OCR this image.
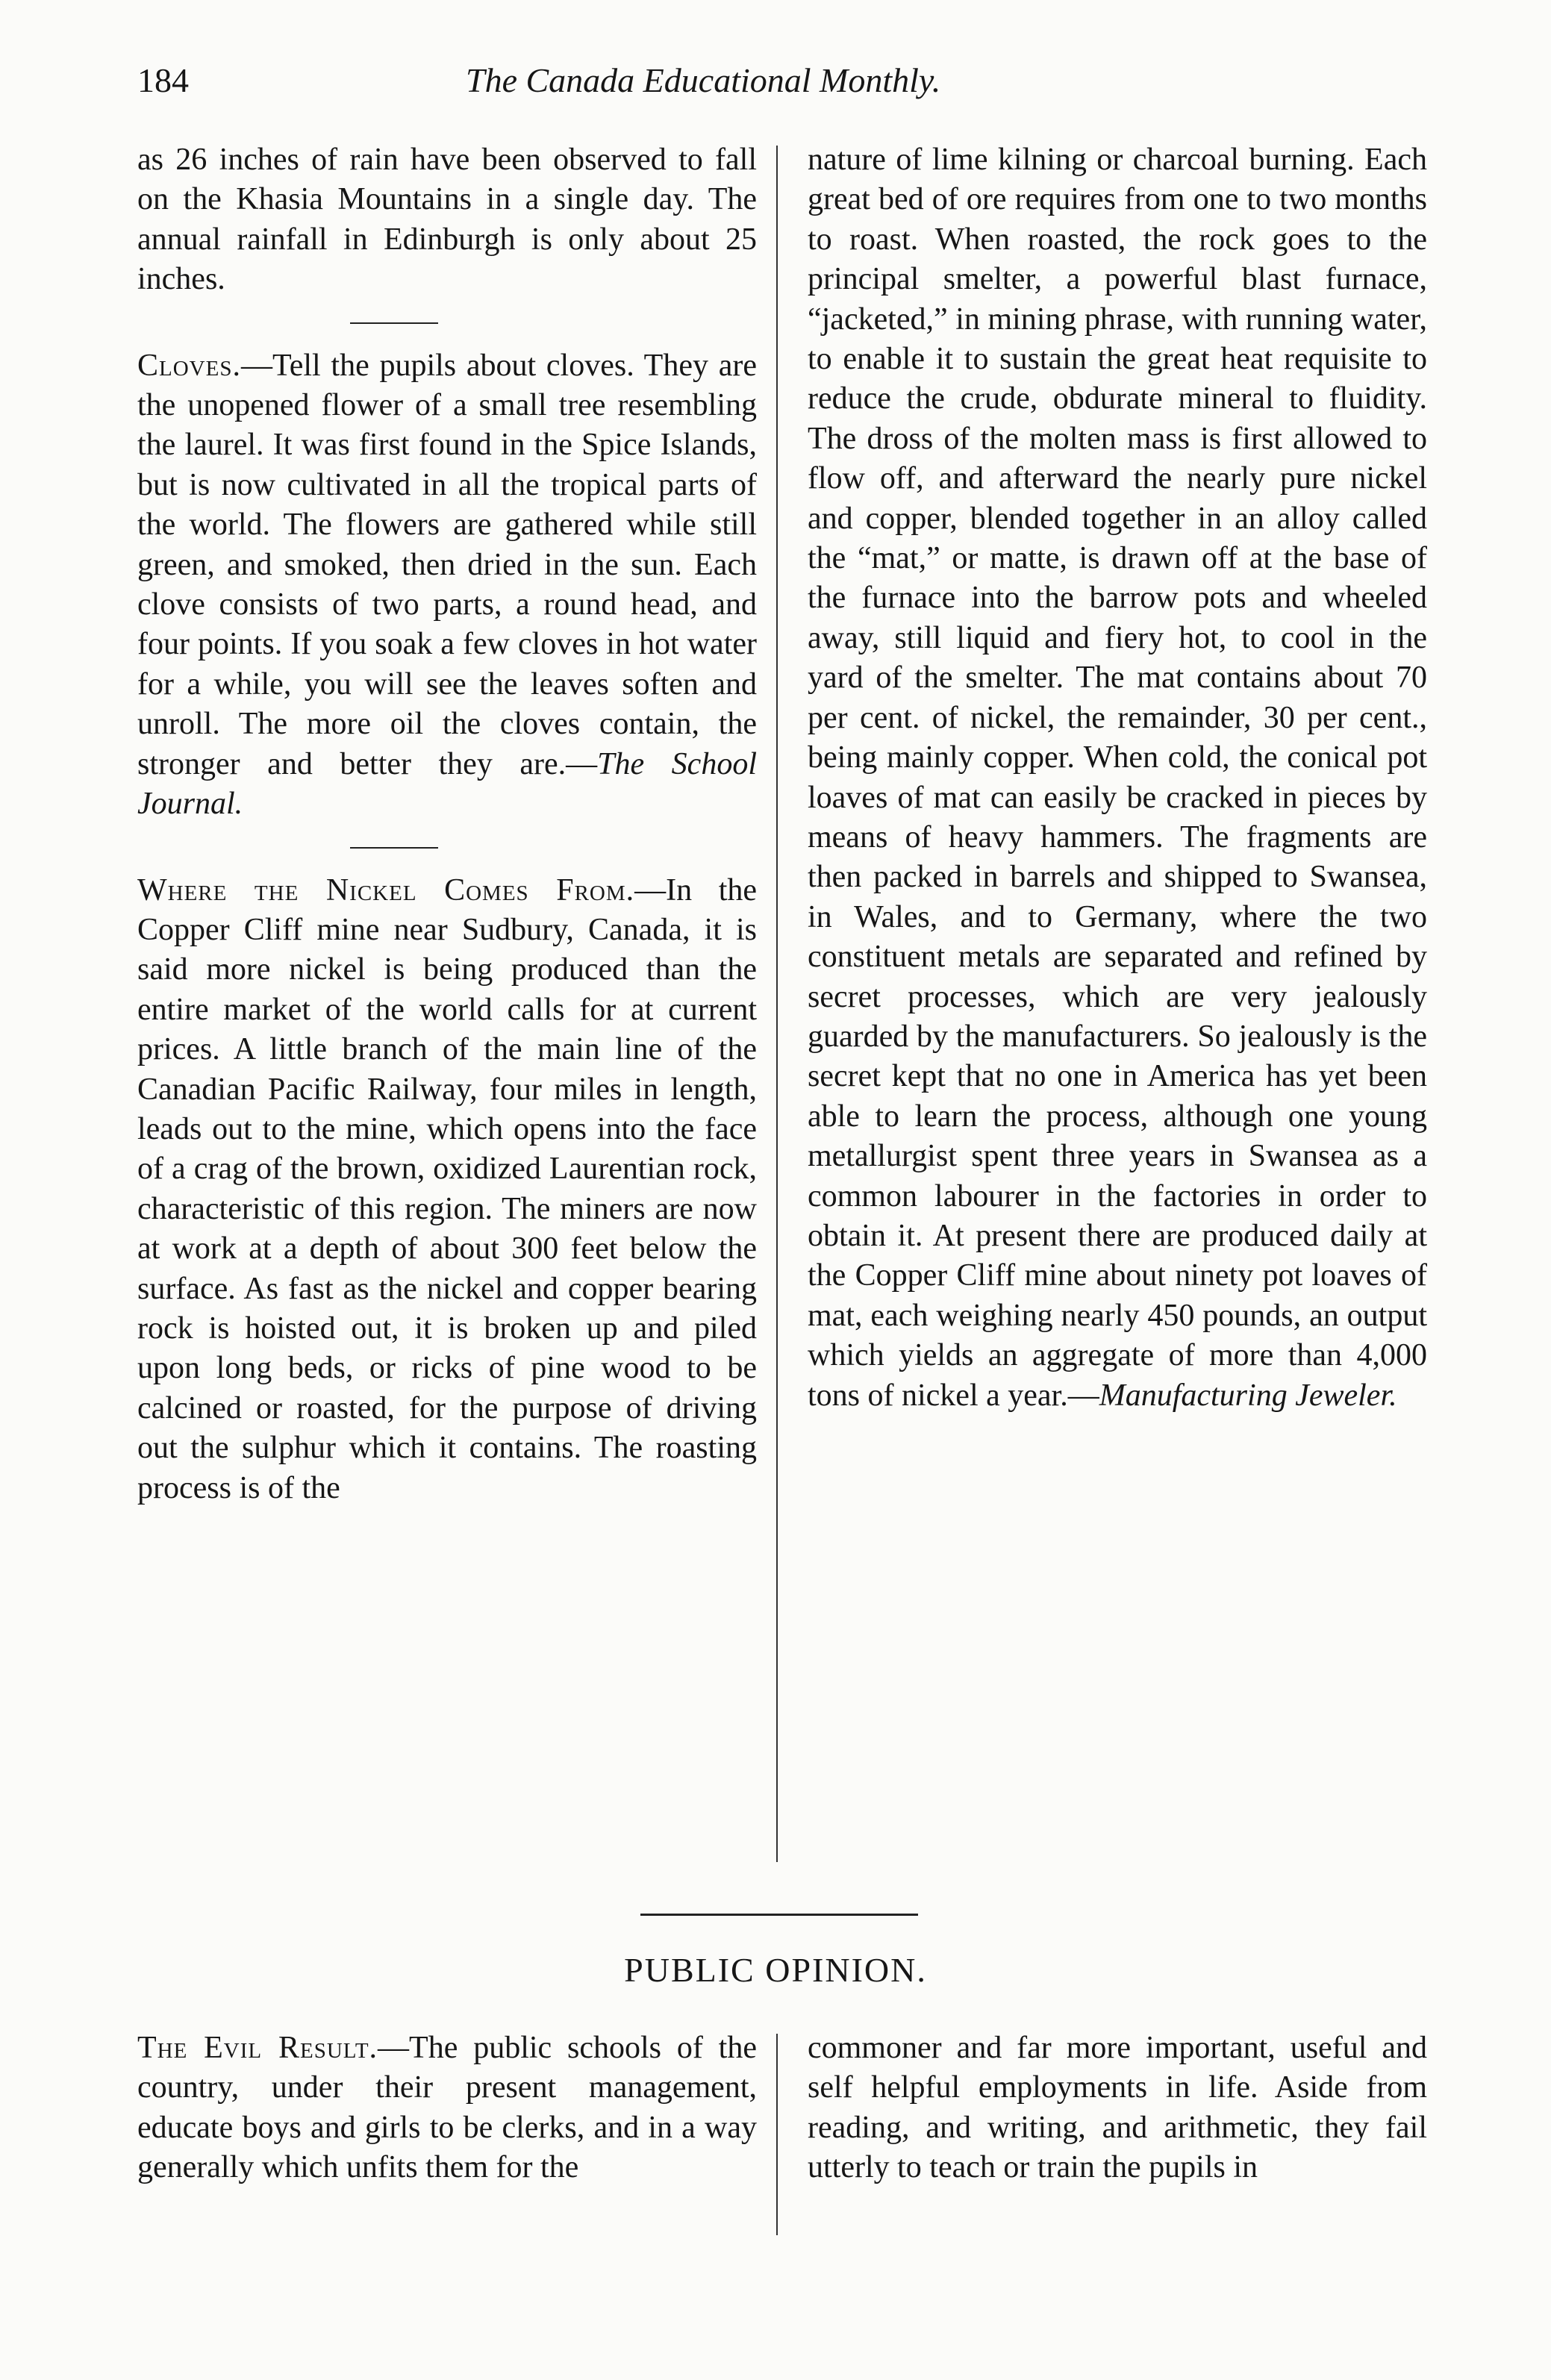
184	The Canada Educational Monthly.

as 26 inches of rain have been observed to fall on the Khasia Mountains in a single day. The annual rainfall in Edinburgh is only about 25 inches.

Cloves.—Tell the pupils about cloves. They are the unopened flower of a small tree resembling the laurel. It was first found in the Spice Islands, but is now cultivated in all the tropical parts of the world. The flowers are gathered while still green, and smoked, then dried in the sun. Each clove consists of two parts, a round head, and four points. If you soak a few cloves in hot water for a while, you will see the leaves soften and unroll. The more oil the cloves contain, the stronger and better they are.—The School Journal.

Where the Nickel Comes From.—In the Copper Cliff mine near Sudbury, Canada, it is said more nickel is being produced than the entire market of the world calls for at current prices. A little branch of the main line of the Canadian Pacific Railway, four miles in length, leads out to the mine, which opens into the face of a crag of the brown, oxidized Laurentian rock, characteristic of this region. The miners are now at work at a depth of about 300 feet below the surface. As fast as the nickel and copper bearing rock is hoisted out, it is broken up and piled upon long beds, or ricks of pine wood to be calcined or roasted, for the purpose of driving out the sulphur which it contains. The roasting process is of the

nature of lime kilning or charcoal burning. Each great bed of ore requires from one to two months to roast. When roasted, the rock goes to the principal smelter, a powerful blast furnace, “jacketed,” in mining phrase, with running water, to enable it to sustain the great heat requisite to reduce the crude, obdurate mineral to fluidity. The dross of the molten mass is first allowed to flow off, and afterward the nearly pure nickel and copper, blended together in an alloy called the “mat,” or matte, is drawn off at the base of the furnace into the barrow pots and wheeled away, still liquid and fiery hot, to cool in the yard of the smelter. The mat contains about 70 per cent. of nickel, the remainder, 30 per cent., being mainly copper. When cold, the conical pot loaves of mat can easily be cracked in pieces by means of heavy hammers. The fragments are then packed in barrels and shipped to Swansea, in Wales, and to Germany, where the two constituent metals are separated and refined by secret processes, which are very jealously guarded by the manufacturers. So jealously is the secret kept that no one in America has yet been able to learn the process, although one young metallurgist spent three years in Swansea as a common labourer in the factories in order to obtain it. At present there are produced daily at the Copper Cliff mine about ninety pot loaves of mat, each weighing nearly 450 pounds, an output which yields an aggregate of more than 4,000 tons of nickel a year.—Manufacturing Jeweler.

PUBLIC OPINION.

The Evil Result.—The public schools of the country, under their present management, educate boys and girls to be clerks, and in a way generally which unfits them for the

commoner and far more important, useful and self helpful employments in life. Aside from reading, and writing, and arithmetic, they fail utterly to teach or train the pupils in
